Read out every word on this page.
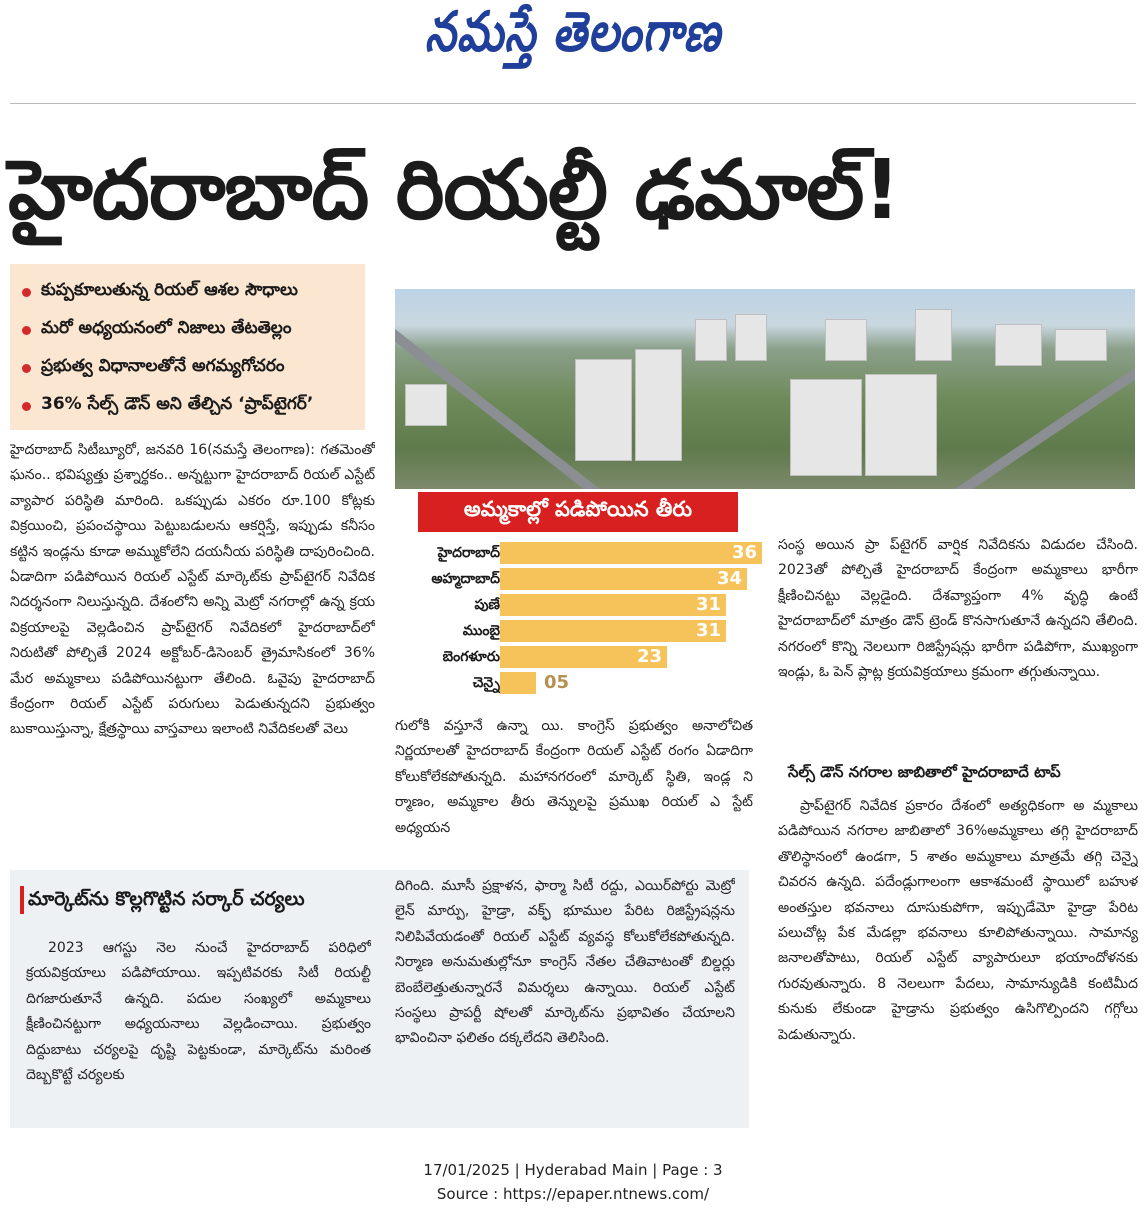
నమస్తే తెలంగాణ
హైదరాబాద్ రియల్టీ ఢమాల్!
కుప్పకూలుతున్న రియల్ ఆశల సౌధాలు
మరో అధ్యయనంలో నిజాలు తేటతెల్లం
ప్రభుత్వ విధానాలతోనే అగమ్యగోచరం
36% సేల్స్ డౌన్ అని తేల్చిన ‘ప్రాప్‌టైగర్’
అమ్మకాల్లో పడిపోయిన తీరు
హైదరాబాద్	36
అహ్మదాబాద్	34
పుణే	31
ముంబై	31
బెంగళూరు	23
చెన్నై 05

హైదరాబాద్ సిటీబ్యూరో, జనవరి 16(నమస్తే తెలంగాణ): గతమెంతో ఘనం.. భవిష్యత్తు ప్రశ్నార్థకం.. అన్నట్టుగా హైదరాబాద్ రియల్ ఎస్టేట్ వ్యాపార పరిస్థితి మారింది. ఒకప్పుడు ఎకరం రూ.100 కోట్లకు విక్రయించి, ప్రపంచస్థాయి పెట్టుబడులను ఆకర్షిస్తే, ఇప్పుడు కనీసం కట్టిన ఇండ్లను కూడా అమ్ముకోలేని దయనీయ పరిస్థితి దాపురించింది. ఏడాదిగా పడిపోయిన రియల్ ఎస్టేట్ మార్కెట్‌కు ప్రాప్‌టైగర్ నివేదిక నిదర్శనంగా నిలుస్తున్నది. దేశంలోని అన్ని మెట్రో నగరాల్లో ఉన్న క్రయ విక్రయాలపై వెల్లడించిన ప్రాప్‌టైగర్ నివేదికలో హైదరాబాద్‌లో నిరుటితో పోల్చితే 2024 అక్టోబర్-డిసెంబర్ త్రైమాసికంలో 36% మేర అమ్మకాలు పడిపోయినట్టుగా తేలింది. ఓవైపు హైదరాబాద్ కేంద్రంగా రియల్ ఎస్టేట్ పరుగులు పెడుతున్నదని ప్రభుత్వం బుకాయిస్తున్నా, క్షేత్రస్థాయి వాస్తవాలు ఇలాంటి నివేదికలతో వెలు	గులోకి వస్తూనే ఉన్నా యి. కాంగ్రెస్ ప్రభుత్వం అనాలోచిత నిర్ణయాలతో హైదరాబాద్ కేంద్రంగా రియల్ ఎస్టేట్ రంగం ఏడాదిగా కోలుకోలేకపోతున్నది. మహానగరంలో మార్కెట్ స్థితి, ఇండ్ల ని ర్మాణం, అమ్మకాల తీరు తెన్నులపై ప్రముఖ రియల్ ఎ స్టేట్ అధ్యయన

సంస్థ అయిన ప్రా ప్‌టైగర్ వార్షిక నివేదికను విడుదల చేసింది. 2023తో పోల్చితే హైదరాబాద్ కేంద్రంగా అమ్మకాలు భారీగా క్షీణించినట్టు వెల్లడైంది. దేశవ్యాప్తంగా 4% వృద్ధి ఉంటే హైదరాబాద్‌లో మాత్రం డౌన్ ట్రెండ్ కొనసాగుతూనే ఉన్నదని తేలింది. నగరంలో కొన్ని నెలలుగా రిజిస్ట్రేషన్లు భారీగా పడిపోగా, ముఖ్యంగా ఇండ్లు, ఓ పెన్ ప్లాట్ల క్రయవిక్రయాలు క్రమంగా తగ్గుతున్నాయి.

సేల్స్ డౌన్ నగరాల జాబితాలో హైదరాబాదే టాప్

ప్రాప్‌టైగర్ నివేదిక ప్రకారం దేశంలో అత్యధికంగా అ మ్మకాలు పడిపోయిన నగరాల జాబితాలో 36%అమ్మకాలు తగ్గి హైదరాబాద్ తొలిస్థానంలో ఉండగా, 5 శాతం అమ్మకాలు మాత్రమే తగ్గి చెన్నై చివరన ఉన్నది. పదేండ్లుగాలంగా ఆకాశమంటే స్థాయిలో బహుళ అంతస్తుల భవనాలు దూసుకుపోగా, ఇప్పుడేమో హైడ్రా పేరిట పలుచోట్ల పేక మేడల్లా భవనాలు కూలిపోతున్నాయి. సామాన్య జనాలతోపాటు, రియల్ ఎస్టేట్ వ్యాపారులూ భయాందోళనకు గురవుతున్నారు. 8 నెలలుగా పేదలు, సామాన్యుడికి కంటిమీద కునుకు లేకుండా హైడ్రాను ప్రభుత్వం ఉసిగొల్పిందని గగ్గోలు పెడుతున్నారు.

మార్కెట్‌ను కొల్లగొట్టిన సర్కార్ చర్యలు

2023 ఆగస్టు నెల నుంచే హైదరాబాద్ పరిధిలో క్రయవిక్రయాలు పడిపోయాయి. ఇప్పటివరకు సిటీ రియల్టీ దిగజారుతూనే ఉన్నది. పదుల సంఖ్యలో అమ్మకాలు క్షీణించినట్టుగా అధ్యయనాలు వెల్లడించాయి. ప్రభుత్వం దిద్దుబాటు చర్యలపై దృష్టి పెట్టకుండా, మార్కెట్‌ను మరింత దెబ్బకొట్టే చర్యలకు

దిగింది. మూసీ ప్రక్షాళన, ఫార్మా సిటీ రద్దు, ఎయిర్‌పోర్టు మెట్రో లైన్ మార్పు, హైడ్రా, వక్ఫ్ భూముల పేరిట రిజిస్ట్రేషన్లను నిలిపివేయడంతో రియల్ ఎస్టేట్ వ్యవస్థ కోలుకోలేకపోతున్నది. నిర్మాణ అనుమతుల్లోనూ కాంగ్రెస్ నేతల చేతివాటంతో బిల్డర్లు బెంబేలెత్తుతున్నారనే విమర్శలు ఉన్నాయి. రియల్ ఎస్టేట్ సంస్థలు ప్రాపర్టీ షోలతో మార్కెట్‌ను ప్రభావితం చేయాలని భావించినా ఫలితం దక్కలేదని తెలిసింది.

17/01/2025 | Hyderabad Main | Page : 3
Source : https://epaper.ntnews.com/
